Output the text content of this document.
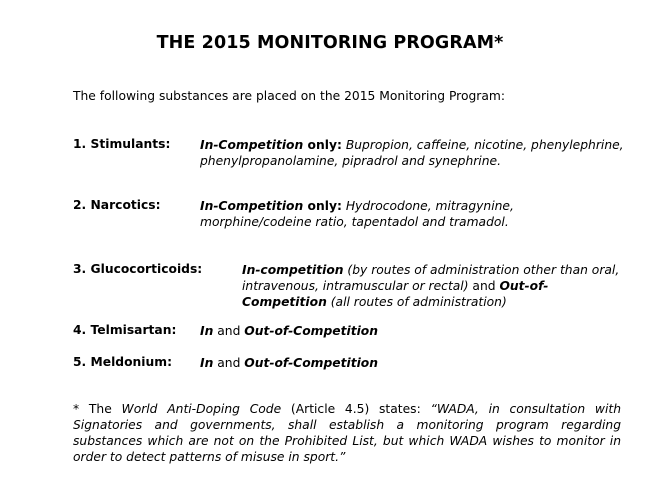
THE 2015 MONITORING PROGRAM*
The following substances are placed on the 2015 Monitoring Program:
1. Stimulants: In-Competition only: Bupropion, caffeine, nicotine, phenylephrine, phenylpropanolamine, pipradrol and synephrine.
2. Narcotics:	In-Competition only: Hydrocodone, mitragynine, morphine/codeine ratio, tapentadol and tramadol.
3. Glucocorticoids:	In-competition (by routes of administration other than oral, intravenous, intramuscular or rectal) and Out-of-Competition (all routes of administration)
4. Telmisartan: In and Out-of-Competition
5. Meldonium: In and Out-of-Competition
* The World Anti-Doping Code (Article 4.5) states: “WADA, in consultation with Signatories and governments, shall establish a monitoring program regarding substances which are not on the Prohibited List, but which WADA wishes to monitor in order to detect patterns of misuse in sport.”
